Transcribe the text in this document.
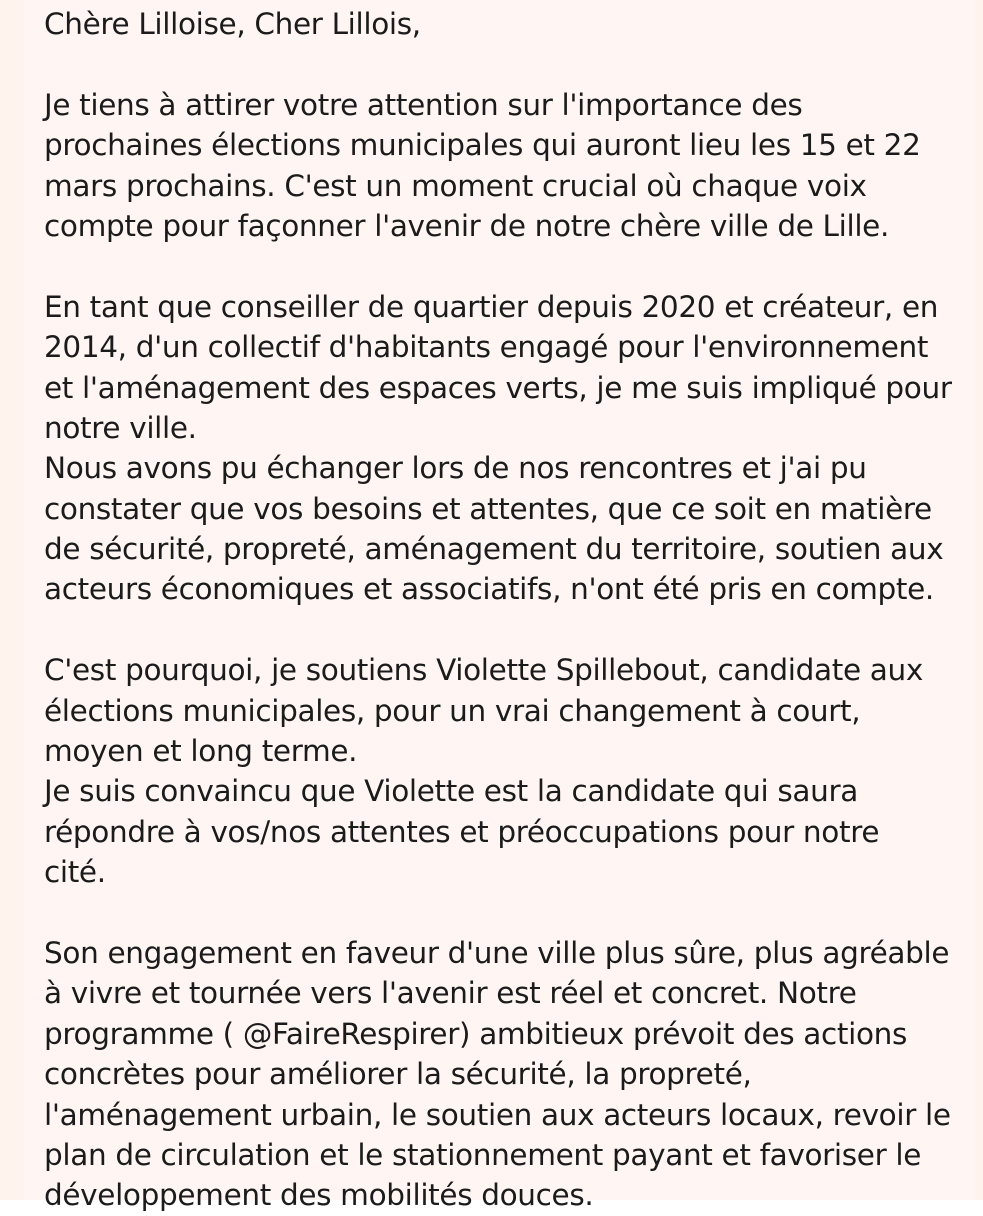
Chère Lilloise, Cher Lillois,
Je tiens à attirer votre attention sur l'importance des
prochaines élections municipales qui auront lieu les 15 et 22
mars prochains. C'est un moment crucial où chaque voix
compte pour façonner l'avenir de notre chère ville de Lille.
En tant que conseiller de quartier depuis 2020 et créateur, en
2014, d'un collectif d'habitants engagé pour l'environnement
et l'aménagement des espaces verts, je me suis impliqué pour
notre ville.
Nous avons pu échanger lors de nos rencontres et j'ai pu
constater que vos besoins et attentes, que ce soit en matière
de sécurité, propreté, aménagement du territoire, soutien aux
acteurs économiques et associatifs, n'ont été pris en compte.
C'est pourquoi, je soutiens Violette Spillebout, candidate aux
élections municipales, pour un vrai changement à court,
moyen et long terme.
Je suis convaincu que Violette est la candidate qui saura
répondre à vos/nos attentes et préoccupations pour notre
cité.
Son engagement en faveur d'une ville plus sûre, plus agréable
à vivre et tournée vers l'avenir est réel et concret. Notre
programme ( @FaireRespirer) ambitieux prévoit des actions
concrètes pour améliorer la sécurité, la propreté,
l'aménagement urbain, le soutien aux acteurs locaux, revoir le
plan de circulation et le stationnement payant et favoriser le
développement des mobilités douces.
